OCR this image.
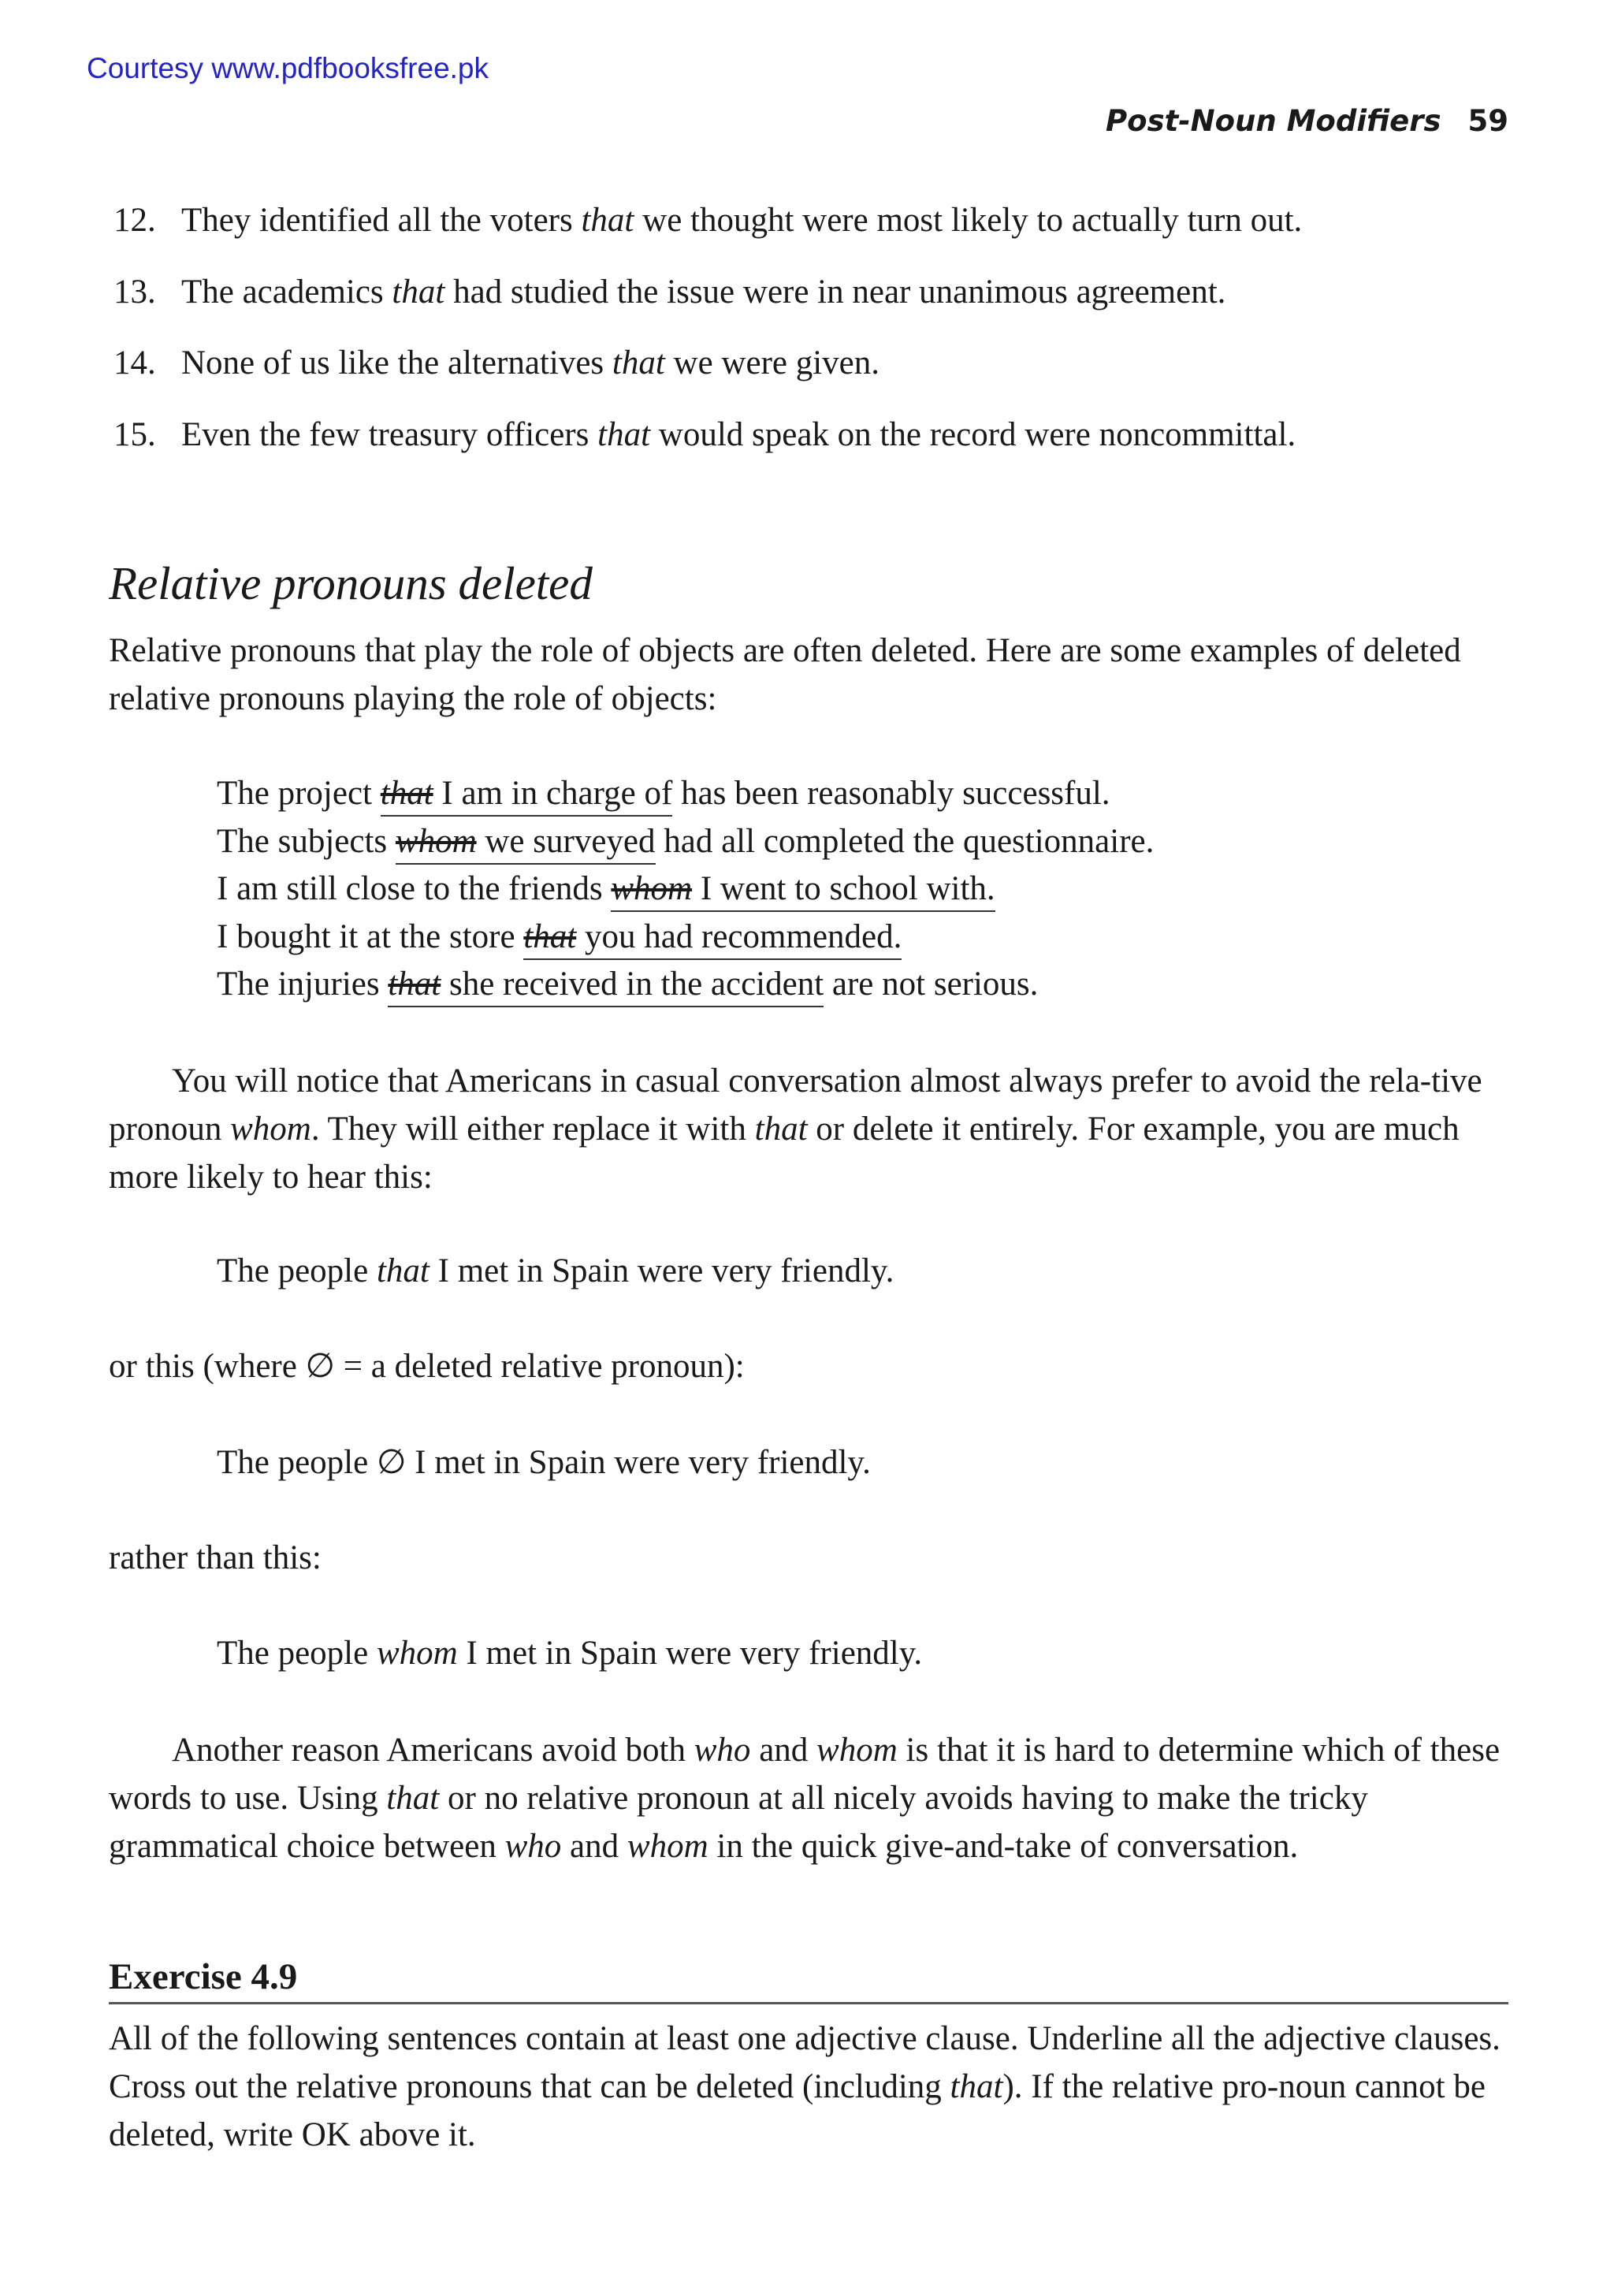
Courtesy www.pdfbooksfree.pk
Post-Noun Modifiers 59
12. They identified all the voters that we thought were most likely to actually turn out.
13. The academics that had studied the issue were in near unanimous agreement.
14. None of us like the alternatives that we were given.
15. Even the few treasury officers that would speak on the record were noncommittal.
Relative pronouns deleted

Relative pronouns that play the role of objects are often deleted. Here are some examples of deleted relative pronouns playing the role of objects:

The project that I am in charge of has been reasonably successful.
The subjects whom we surveyed had all completed the questionnaire.
I am still close to the friends whom I went to school with.
I bought it at the store that you had recommended.
The injuries that she received in the accident are not serious.

You will notice that Americans in casual conversation almost always prefer to avoid the rela-tive pronoun whom. They will either replace it with that or delete it entirely. For example, you are much more likely to hear this:

The people that I met in Spain were very friendly.
or this (where ∅ = a deleted relative pronoun):
The people ∅ I met in Spain were very friendly.
rather than this:
The people whom I met in Spain were very friendly.

Another reason Americans avoid both who and whom is that it is hard to determine which of these words to use. Using that or no relative pronoun at all nicely avoids having to make the tricky grammatical choice between who and whom in the quick give-and-take of conversation.

Exercise 4.9

All of the following sentences contain at least one adjective clause. Underline all the adjective clauses. Cross out the relative pronouns that can be deleted (including that). If the relative pro-noun cannot be deleted, write OK above it.
